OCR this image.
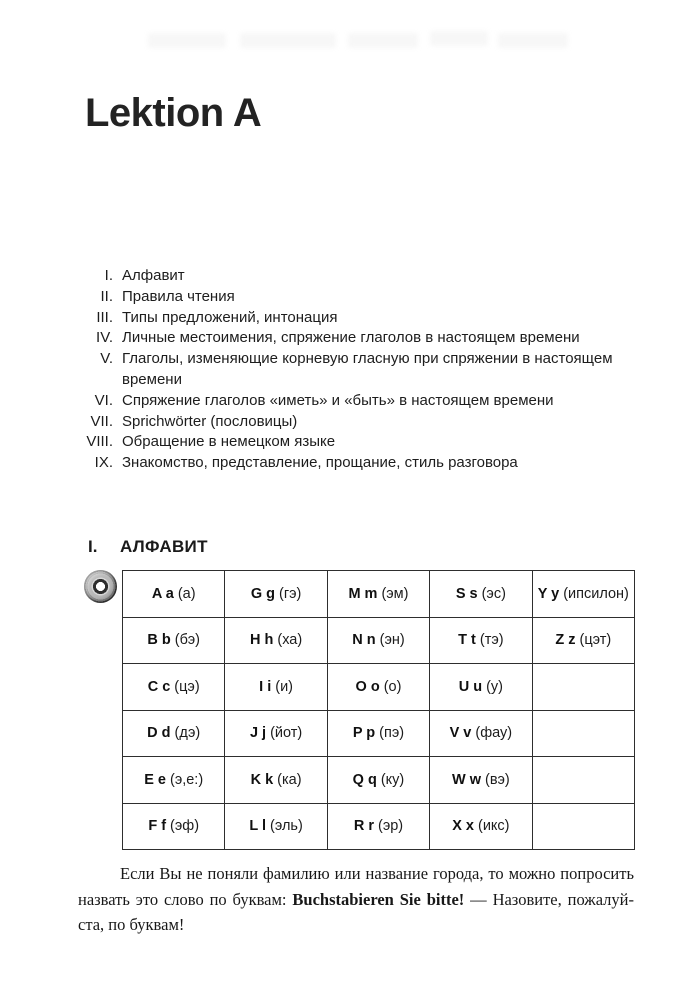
Lektion A
I. Алфавит
II. Правила чтения
III. Типы предложений, интонация
IV. Личные местоимения, спряжение глаголов в настоящем времени
V. Глаголы, изменяющие корневую гласную при спряжении в настоящем времени
VI. Спряжение глаголов «иметь» и «быть» в настоящем времени
VII. Sprichwörter (пословицы)
VIII. Обращение в немецком языке
IX. Знакомство, представление, прощание, стиль разговора
I. АЛФАВИТ
A a (а)	G g (гэ)	M m (эм)	S s (эс)	Y y (ипсилон)
B b (бэ)	H h (ха)	N n (эн)	T t (тэ)	Z z (цэт)
C c (цэ)	I i (и)	O o (о)	U u (у)	
D d (дэ)	J j (йот)	P p (пэ)	V v (фау)	
E e (э,е:)	K k (ка)	Q q (ку)	W w (вэ)	
F f (эф)	L l (эль)	R r (эр)	X x (икс)	
Если Вы не поняли фамилию или название города, то можно попросить
назвать это слово по буквам: Buchstabieren Sie bitte! — Назовите, пожалуй-
ста, по буквам!
